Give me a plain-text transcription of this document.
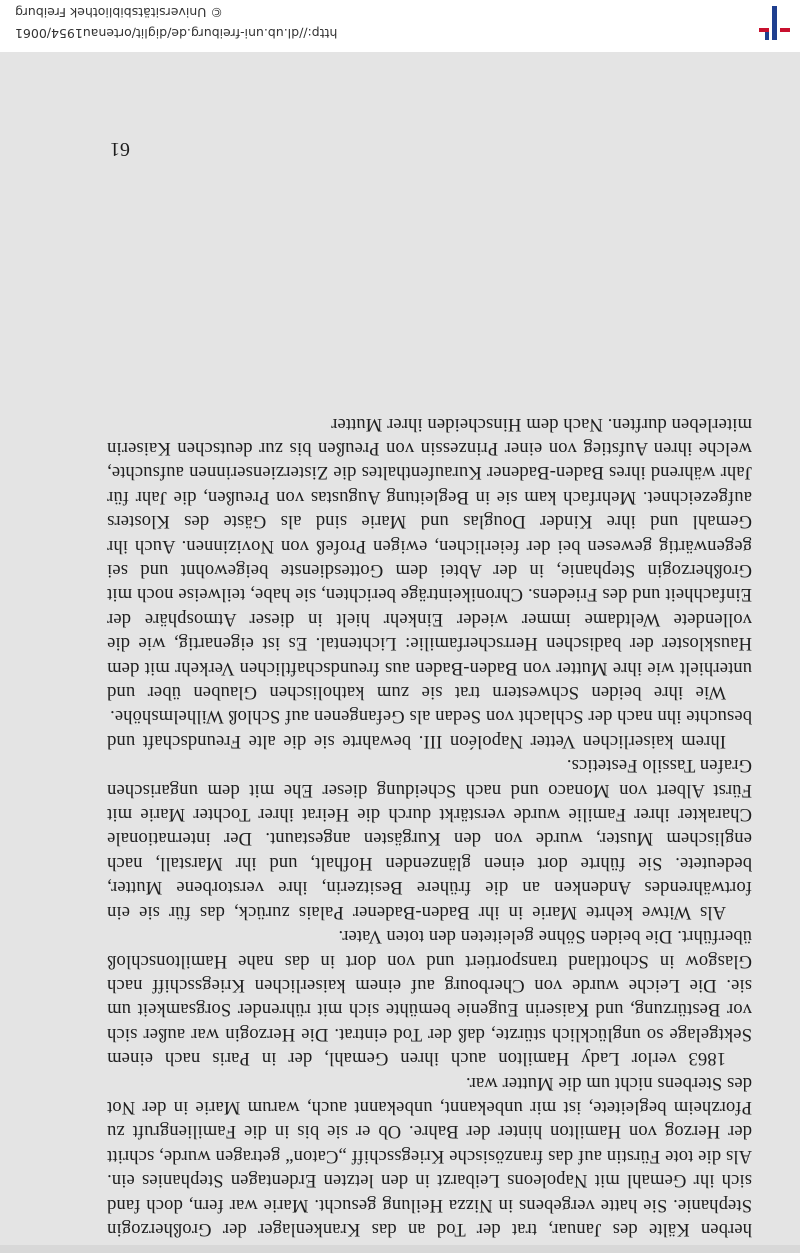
herben Kälte des Januar, trat der Tod an das Krankenlager der Großherzogin Stephanie. Sie hatte vergebens in Nizza Heilung gesucht. Marie war fern, doch fand sich ihr Gemahl mit Napoleons Leibarzt in den letzten Erdentagen Stephanies ein. Als die tote Fürstin auf das französische Kriegsschiff „Caton“ getragen wurde, schritt der Herzog von Hamilton hinter der Bahre. Ob er sie bis in die Familiengruft zu Pforzheim begleitete, ist mir unbekannt, unbekannt auch, warum Marie in der Not des Sterbens nicht um die Mutter war.

1863 verlor Lady Hamilton auch ihren Gemahl, der in Paris nach einem Sektgelage so unglücklich stürzte, daß der Tod eintrat. Die Herzogin war außer sich vor Bestürzung, und Kaiserin Eugenie bemühte sich mit rührender Sorgsamkeit um sie. Die Leiche wurde von Cherbourg auf einem kaiserlichen Kriegsschiff nach Glasgow in Schottland transportiert und von dort in das nahe Hamiltonschloß überführt. Die beiden Söhne geleiteten den toten Vater.

Als Witwe kehrte Marie in ihr Baden-Badener Palais zurück, das für sie ein fortwährendes Andenken an die frühere Besitzerin, ihre verstorbene Mutter, bedeutete. Sie führte dort einen glänzenden Hofhalt, und ihr Marstall, nach englischem Muster, wurde von den Kurgästen angestaunt. Der internationale Charakter ihrer Familie wurde verstärkt durch die Heirat ihrer Tochter Marie mit Fürst Albert von Monaco und nach Scheidung dieser Ehe mit dem ungarischen Grafen Tassilo Festetics.

Ihrem kaiserlichen Vetter Napoléon III. bewahrte sie die alte Freundschaft und besuchte ihn nach der Schlacht von Sedan als Gefangenen auf Schloß Wilhelmshöhe.

Wie ihre beiden Schwestern trat sie zum katholischen Glauben über und unterhielt wie ihre Mutter von Baden-Baden aus freundschaftlichen Verkehr mit dem Hauskloster der badischen Herrscherfamilie: Lichtental. Es ist eigenartig, wie die vollendete Weltdame immer wieder Einkehr hielt in dieser Atmosphäre der Einfachheit und des Friedens. Chronikeinträge berichten, sie habe, teilweise noch mit Großherzogin Stephanie, in der Abtei dem Gottesdienste beigewohnt und sei gegenwärtig gewesen bei der feierlichen, ewigen Profeß von Novizinnen. Auch ihr Gemahl und ihre Kinder Douglas und Marie sind als Gäste des Klosters aufgezeichnet. Mehrfach kam sie in Begleitung Augustas von Preußen, die Jahr für Jahr während ihres Baden-Badener Kuraufenthaltes die Zisterzienserinnen aufsuchte, welche ihren Aufstieg von einer Prinzessin von Preußen bis zur deutschen Kaiserin miterleben durften. Nach dem Hinscheiden ihrer Mutter

61
http://dl.ub.uni-freiburg.de/diglit/ortenau1954/0061
© Universitätsbibliothek Freiburg
